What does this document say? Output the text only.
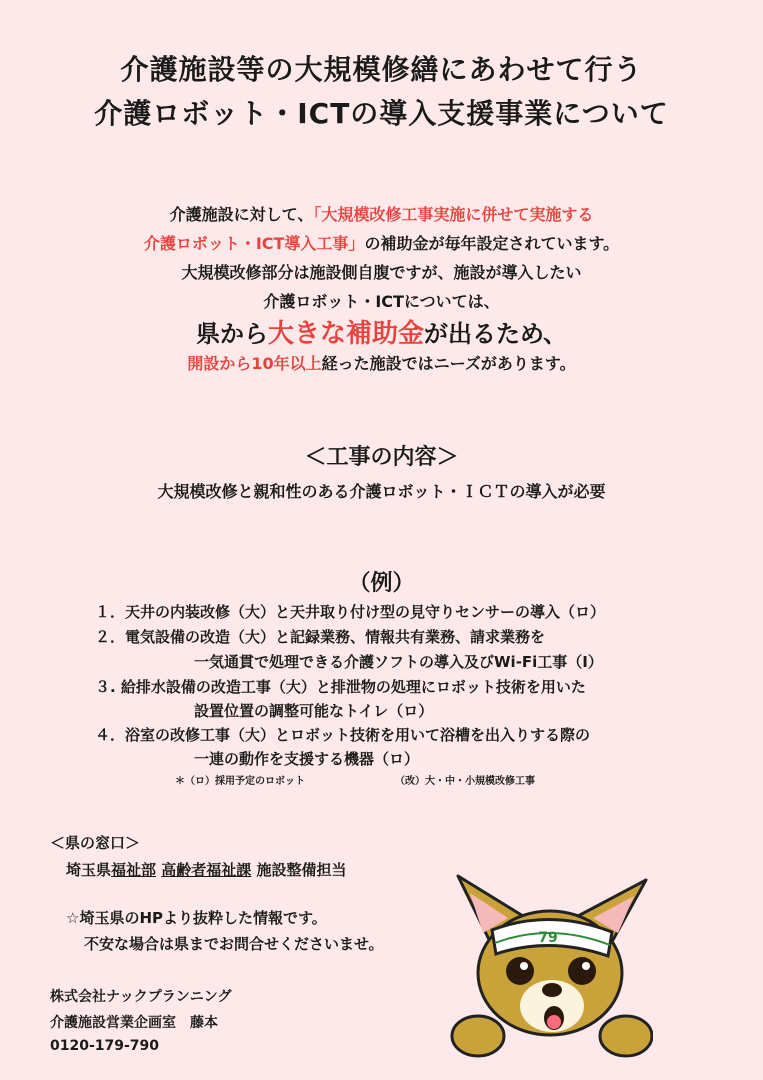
介護施設等の大規模修繕にあわせて行う
介護ロボット・ICTの導入支援事業について
介護施設に対して、「大規模改修工事実施に併せて実施する
介護ロボット・ICT導入工事」の補助金が毎年設定されています。
大規模改修部分は施設側自腹ですが、施設が導入したい
介護ロボット・ICTについては、
県から大きな補助金が出るため、
開設から10年以上経った施設ではニーズがあります。
＜工事の内容＞
大規模改修と親和性のある介護ロボット・ＩＣＴの導入が必要
（例）
１．天井の内装改修（大）と天井取り付け型の見守りセンサーの導入（ロ）
２．電気設備の改造（大）と記録業務、情報共有業務、請求業務を
一気通貫で処理できる介護ソフトの導入及びWi-Fi工事（I）
３. 給排水設備の改造工事（大）と排泄物の処理にロボット技術を用いた
設置位置の調整可能なトイレ（ロ）
４．浴室の改修工事（大）とロボット技術を用いて浴槽を出入りする際の
一連の動作を支援する機器（ロ）
＊（ロ）採用予定のロボット	（改）大・中・小規模改修工事
＜県の窓口＞
埼玉県福祉部 高齢者福祉課 施設整備担当
☆埼玉県のHPより抜粋した情報です。
不安な場合は県までお問合せくださいませ。
株式会社ナックプランニング
介護施設営業企画室　藤本
0120-179-790
79
